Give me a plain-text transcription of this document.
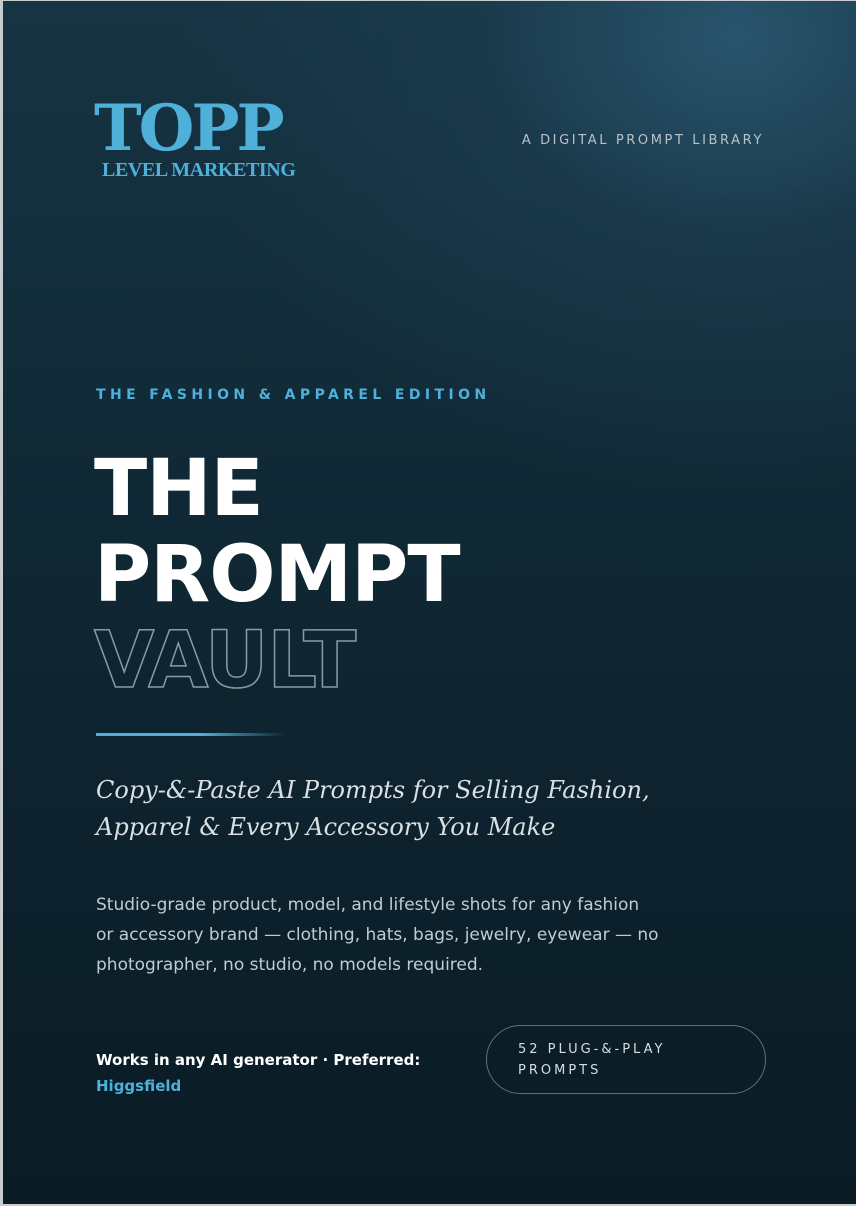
TOPP
LEVEL MARKETING
A DIGITAL PROMPT LIBRARY
THE FASHION & APPAREL EDITION
THE
PROMPT
VAULT
Copy-&-Paste AI Prompts for Selling Fashion,
Apparel & Every Accessory You Make
Studio-grade product, model, and lifestyle shots for any fashion
or accessory brand — clothing, hats, bags, jewelry, eyewear — no
photographer, no studio, no models required.
Works in any AI generator · Preferred:
Higgsfield
52 PLUG-&-PLAY
PROMPTS
